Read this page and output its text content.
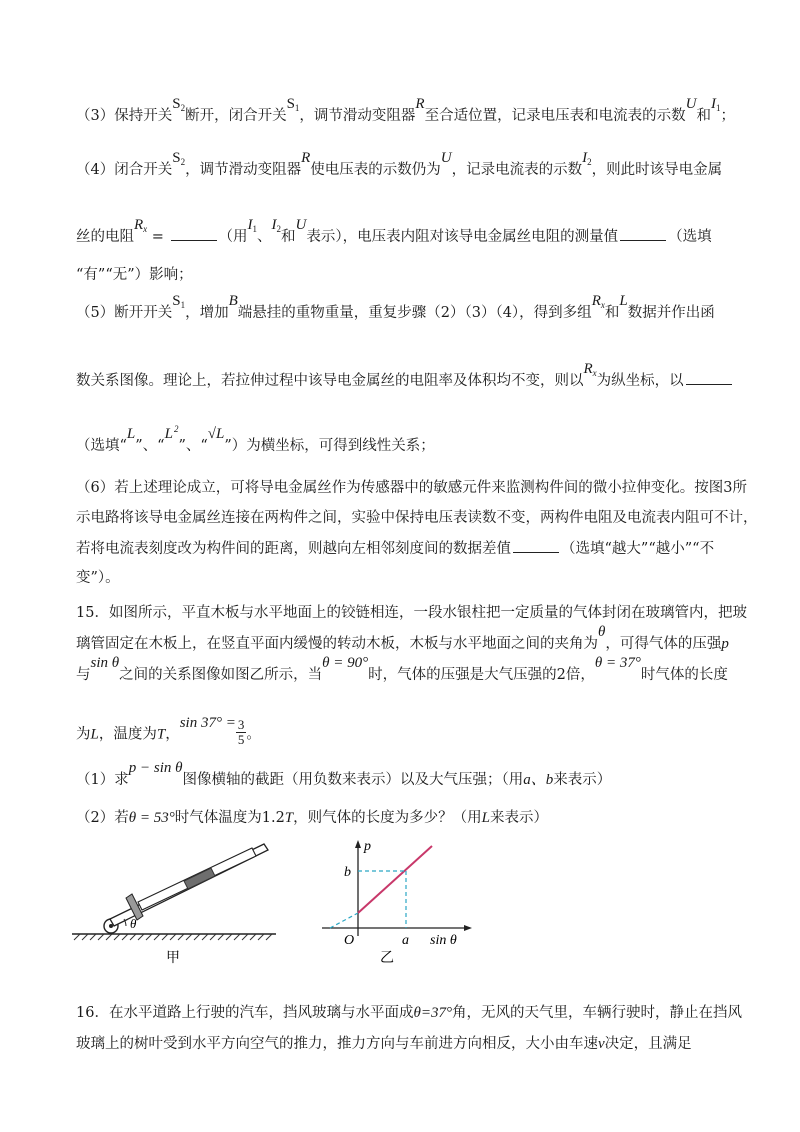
（3）保持开关$S_2$断开，闭合开关$S_1$，调节滑动变阻器R至合适位置，记录电压表和电流表的示数U和$I_1$；
（4）闭合开关$S_2$，调节滑动变阻器R使电压表的示数仍为U，记录电流表的示数$I_2$，则此时该导电金属
丝的电阻$R_x$ =	（用$I_1$、$I_2$和U表示），电压表内阻对该导电金属丝电阻的测量值	（选填
“有”“无”）影响；
（5）断开开关$S_1$，增加B端悬挂的重物重量，重复步骤（2）（3）（4），得到多组$R_x$和L数据并作出函
数关系图像。理论上，若拉伸过程中该导电金属丝的电阻率及体积均不变，则以$R_x$为纵坐标，以
（选填“L”、“$L^2$”、“√L”）为横坐标，可得到线性关系；
（6）若上述理论成立，可将导电金属丝作为传感器中的敏感元件来监测构件间的微小拉伸变化。按图3所
示电路将该导电金属丝连接在两构件之间，实验中保持电压表读数不变，两构件电阻及电流表内阻可不计，
若将电流表刻度改为构件间的距离，则越向左相邻刻度间的数据差值	（选填“越大”“越小”“不
变”）。
15．如图所示，平直木板与水平地面上的铰链相连，一段水银柱把一定质量的气体封闭在玻璃管内，把玻
璃管固定在木板上，在竖直平面内缓慢的转动木板，木板与水平地面之间的夹角为θ，可得气体的压强p
与sin θ之间的关系图像如图乙所示，当θ = 90°时，气体的压强是大气压强的2倍，θ = 37°时气体的长度
为L，温度为T，$\sin 37^\circ = \frac{3}{5}$ 。
（1）求p − sin θ图像横轴的截距（用负数来表示）以及大气压强；（用a、b来表示）
（2）若θ = 53°时气体温度为1.2T，则气体的长度为多少？（用L来表示）
θ
甲
p
b
O	a sin θ
乙
16．在水平道路上行驶的汽车，挡风玻璃与水平面成θ=37°角，无风的天气里，车辆行驶时，静止在挡风
玻璃上的树叶受到水平方向空气的推力，推力方向与车前进方向相反，大小由车速v决定，且满足
